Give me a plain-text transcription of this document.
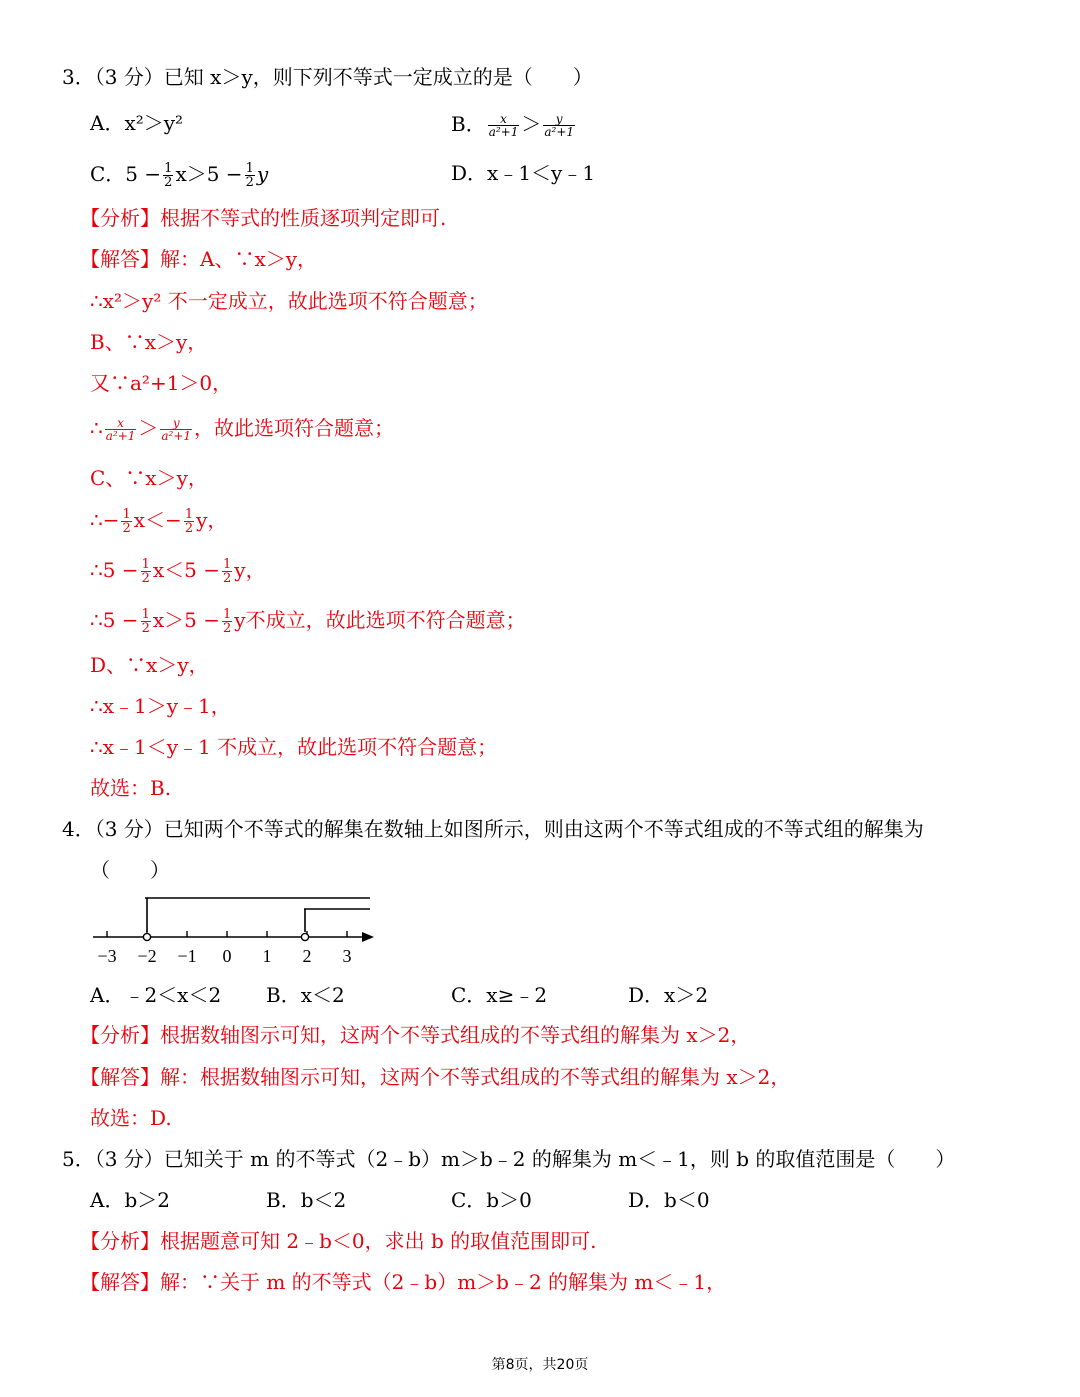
3．（3 分）已知 x＞y，则下列不等式一定成立的是（　　）
A．x²＞y²	B． $\frac{x}{\text{a²+1}} > \frac{y}{\text{a²+1}}$
C．$5 - \frac{1}{2} x>5 - \frac{1}{2}$ y	D．x﹣1＜y﹣1
【分析】根据不等式的性质逐项判定即可.
【解答】解：A、∵x＞y，
∴x²＞y² 不一定成立，故此选项不符合题意；
B、∵x＞y，
又∵a²+1＞0，
∴ $\frac{x}{\text{a²+1}} > \frac{y}{\text{a²+1}}$ ，故此选项符合题意；
C、∵x＞y，
∴− $\frac{1}{2} x<- \frac{1}{2}$ y，
∴5 − $\frac{1}{2} x<5 - \frac{1}{2}$ y，
∴5 − $\frac{1}{2} x>5 - \frac{1}{2}$ y不成立，故此选项不符合题意；
D、∵x＞y，
∴x﹣1＞y﹣1，
∴x﹣1＜y﹣1 不成立，故此选项不符合题意；
故选：B.
4．（3 分）已知两个不等式的解集在数轴上如图所示，则由这两个不等式组成的不等式组的解集为
（　　）
−3 −2 −1 0 1 2 3
A．﹣2＜x＜2 B．x＜2	C．x≥﹣2	D．x＞2
【分析】根据数轴图示可知，这两个不等式组成的不等式组的解集为 x＞2，
【解答】解：根据数轴图示可知，这两个不等式组成的不等式组的解集为 x＞2，
故选：D.
5．（3 分）已知关于 m 的不等式（2﹣b）m＞b﹣2 的解集为 m＜﹣1，则 b 的取值范围是（　　）
A．b＞2	B．b＜2	C．b＞0	D．b＜0
【分析】根据题意可知 2﹣b＜0，求出 b 的取值范围即可.
【解答】解：∵关于 m 的不等式（2﹣b）m＞b﹣2 的解集为 m＜﹣1，
第8页，共20页
